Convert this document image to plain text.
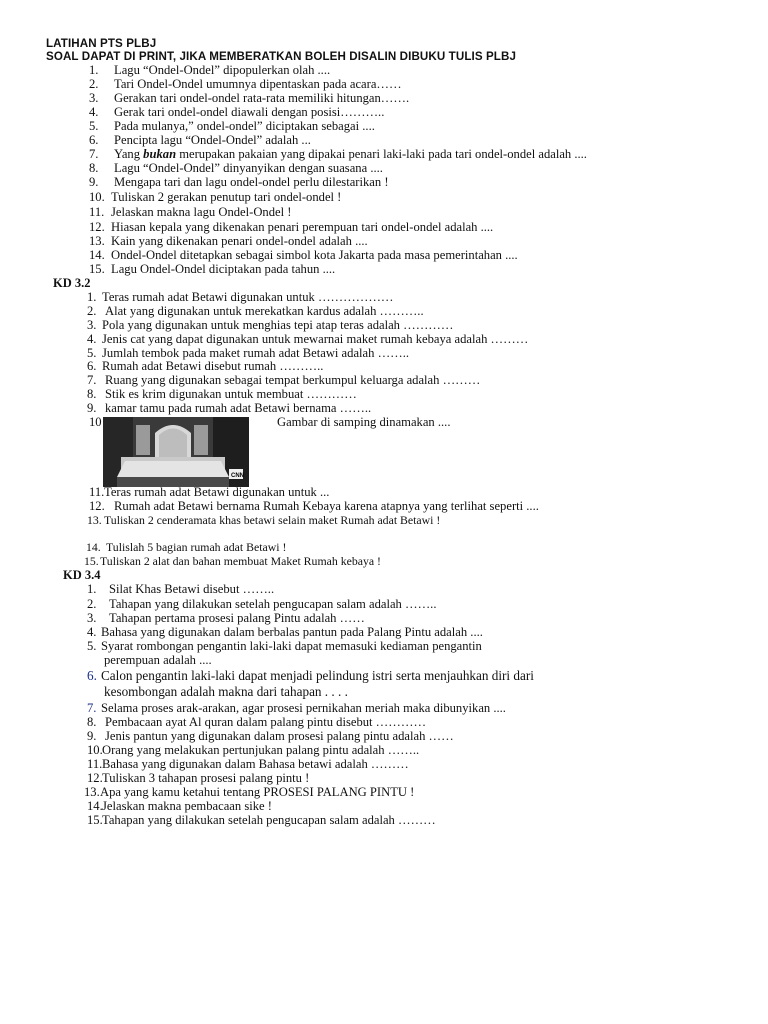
LATIHAN PTS PLBJ
SOAL DAPAT DI PRINT, JIKA MEMBERATKAN BOLEH DISALIN DIBUKU TULIS PLBJ
1. Lagu “Ondel-Ondel” dipopulerkan olah ....
2. Tari Ondel-Ondel umumnya dipentaskan pada acara……
3. Gerakan tari ondel-ondel rata-rata memiliki hitungan…….
4. Gerak tari ondel-ondel diawali dengan posisi………..
5. Pada mulanya,” ondel-ondel” diciptakan sebagai ....
6. Pencipta lagu “Ondel-Ondel” adalah ...
7. Yang bukan merupakan pakaian yang dipakai penari laki-laki pada tari ondel-ondel adalah ....
8. Lagu “Ondel-Ondel” dinyanyikan dengan suasana ....
9. Mengapa tari dan lagu ondel-ondel perlu dilestarikan !
10. Tuliskan 2 gerakan penutup tari ondel-ondel !
11. Jelaskan makna lagu Ondel-Ondel !
12. Hiasan kepala yang dikenakan penari perempuan tari ondel-ondel adalah ....
13. Kain yang dikenakan penari ondel-ondel adalah ....
14. Ondel-Ondel ditetapkan sebagai simbol kota Jakarta pada masa pemerintahan ....
15. Lagu Ondel-Ondel diciptakan pada tahun ....
KD 3.2
1. Teras rumah adat Betawi digunakan untuk ………………
2. Alat yang digunakan untuk merekatkan kardus adalah ………..
3. Pola yang digunakan untuk menghias tepi atap teras adalah …………
4. Jenis cat yang dapat digunakan untuk mewarnai maket rumah kebaya adalah ………
5. Jumlah tembok pada maket rumah adat Betawi adalah ……..
6. Rumah adat Betawi disebut rumah ………..
7. Ruang yang digunakan sebagai tempat berkumpul keluarga adalah ………
8. Stik es krim digunakan untuk membuat …………
9. kamar tamu pada rumah adat Betawi bernama ……..
10	Gambar di samping dinamakan ....
CNN
11.Teras rumah adat Betawi digunakan untuk ...
12. Rumah adat Betawi bernama Rumah Kebaya karena atapnya yang terlihat seperti ....
13. Tuliskan 2 cenderamata khas betawi selain maket Rumah adat Betawi !
14. Tulislah 5 bagian rumah adat Betawi !
15.Tuliskan 2 alat dan bahan membuat Maket Rumah kebaya !
KD 3.4
1. Silat Khas Betawi disebut ……..
2. Tahapan yang dilakukan setelah pengucapan salam adalah ……..
3. Tahapan pertama prosesi palang Pintu adalah ……
4. Bahasa yang digunakan dalam berbalas pantun pada Palang Pintu adalah ....
5. Syarat rombongan pengantin laki-laki dapat memasuki kediaman pengantin
perempuan adalah ....
6. Calon pengantin laki-laki dapat menjadi pelindung istri serta menjauhkan diri dari
kesombongan adalah makna dari tahapan . . . .
7. Selama proses arak-arakan, agar prosesi pernikahan meriah maka dibunyikan ....
8. Pembacaan ayat Al quran dalam palang pintu disebut …………
9. Jenis pantun yang digunakan dalam prosesi palang pintu adalah ……
10.Orang yang melakukan pertunjukan palang pintu adalah ……..
11.Bahasa yang digunakan dalam Bahasa betawi adalah ………
12.Tuliskan 3 tahapan prosesi palang pintu !
13.Apa yang kamu ketahui tentang PROSESI PALANG PINTU !
14.Jelaskan makna pembacaan sike !
15.Tahapan yang dilakukan setelah pengucapan salam adalah ………
